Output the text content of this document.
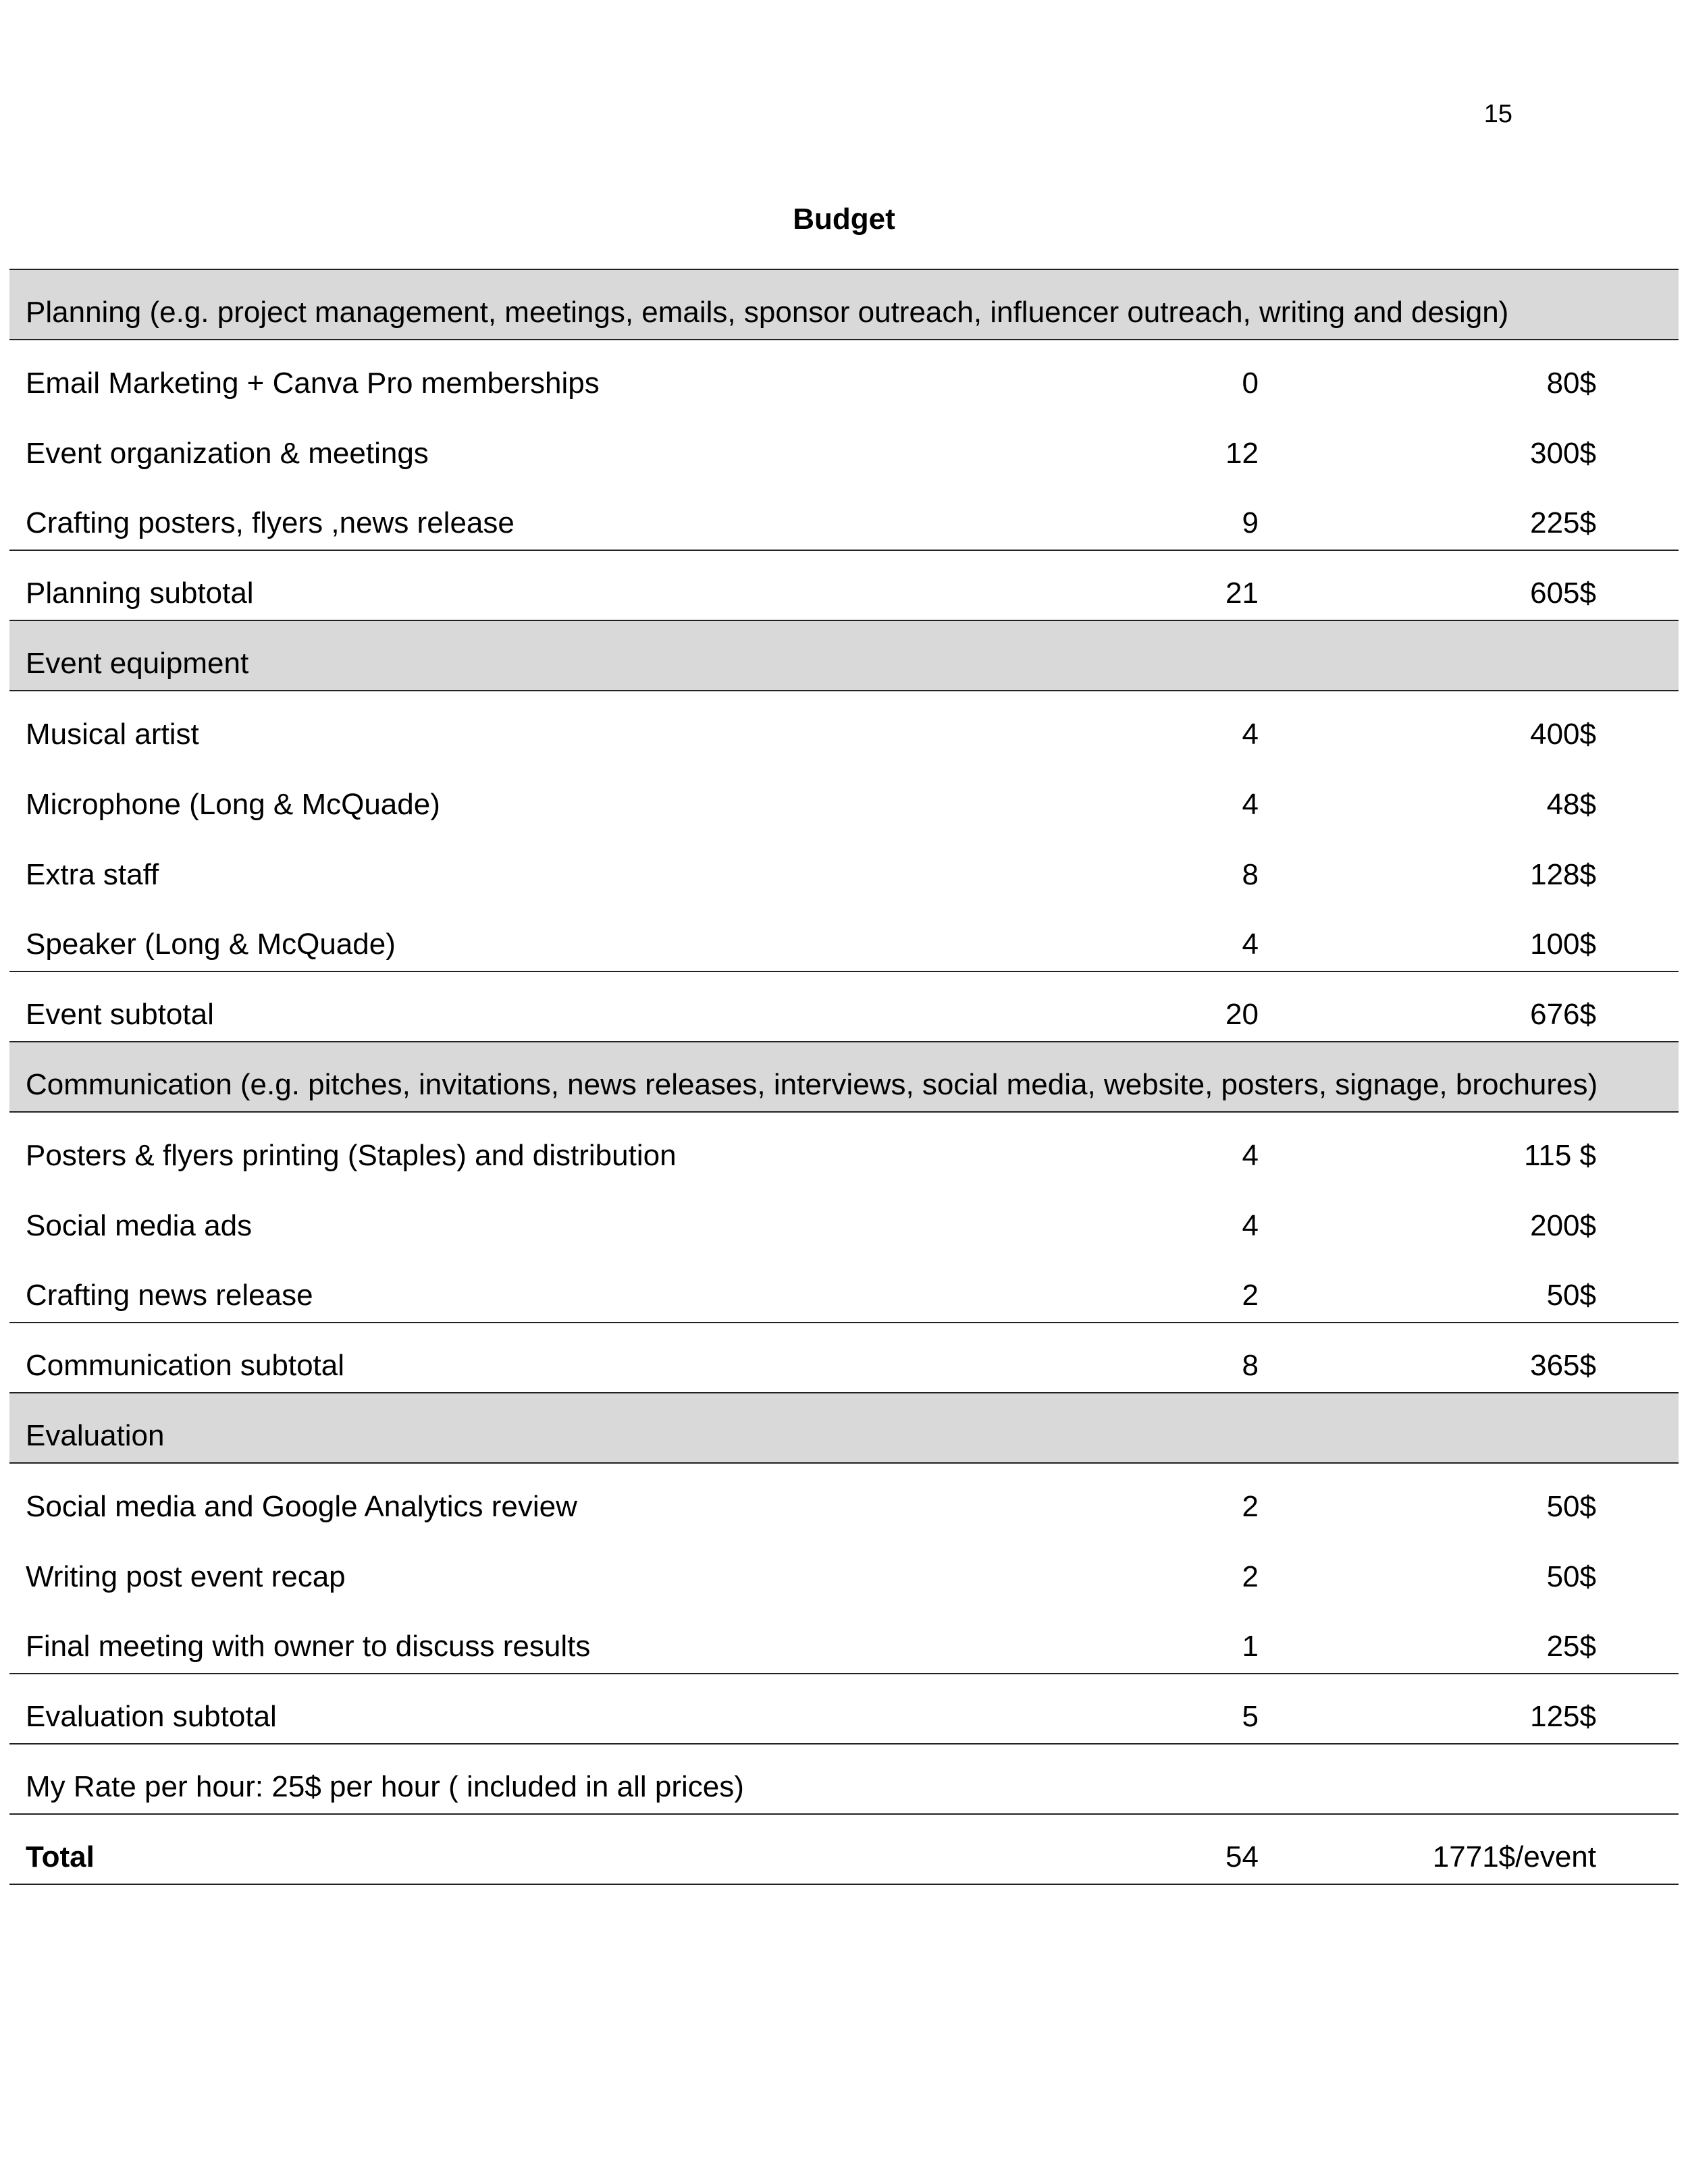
15
Budget
Planning (e.g. project management, meetings, emails, sponsor outreach, influencer outreach, writing and design)			
Email Marketing + Canva Pro memberships	0	80$	
Event organization & meetings	12	300$	
Crafting posters, flyers ,news release	9	225$	
Planning subtotal	21	605$	
Event equipment			
Musical artist	4	400$	
Microphone (Long & McQuade)	4	48$	
Extra staff	8	128$	
Speaker (Long & McQuade)	4	100$	
Event subtotal	20	676$	
Communication (e.g. pitches, invitations, news releases, interviews, social media, website, posters, signage, brochures)			
Posters & flyers printing (Staples) and distribution	4	115 $	
Social media ads	4	200$	
Crafting news release	2	50$	
Communication subtotal	8	365$	
Evaluation			
Social media and Google Analytics review	2	50$	
Writing post event recap	2	50$	
Final meeting with owner to discuss results	1	25$	
Evaluation subtotal	5	125$	
My Rate per hour: 25$ per hour ( included in all prices)			
Total	54	1771$/event	
